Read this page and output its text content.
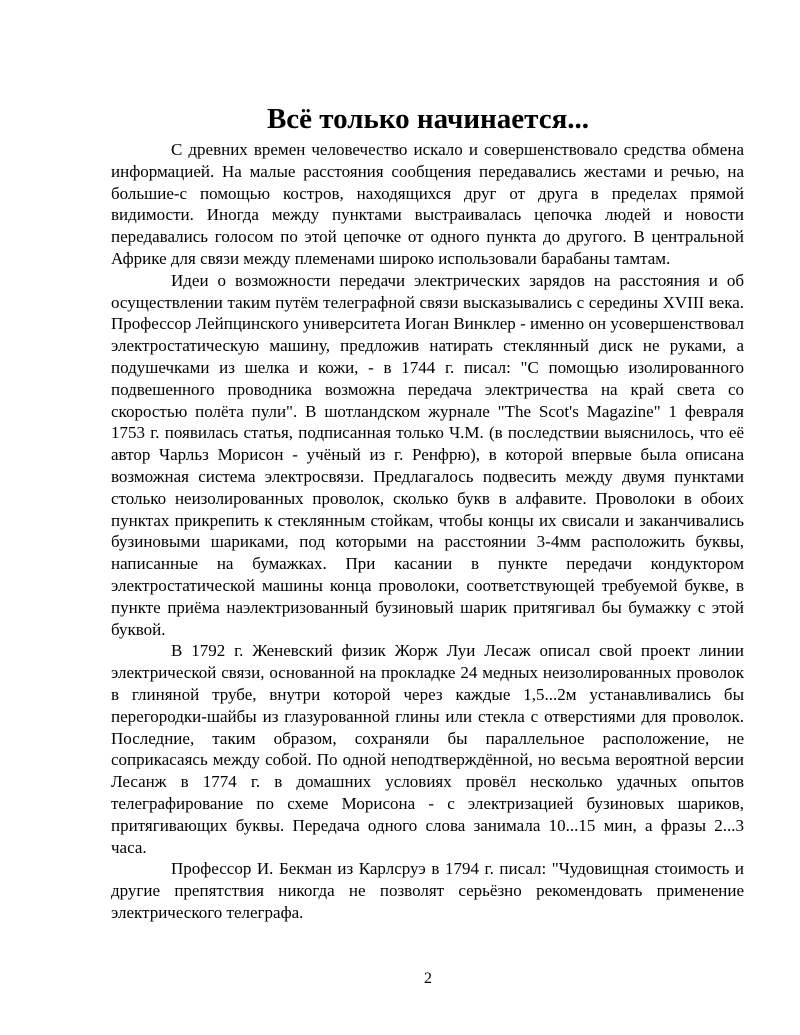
Всё только начинается...

С древних времен человечество искало и совершенствовало средства обмена информацией. На малые расстояния сообщения передавались жестами и речью, на большие-с помощью костров, находящихся друг от друга в пределах прямой видимости. Иногда между пунктами выстраивалась цепочка людей и новости передавались голосом по этой цепочке от одного пункта до другого. В центральной Африке для связи между племенами широко использовали барабаны тамтам.

Идеи о возможности передачи электрических зарядов на расстояния и об осуществлении таким путём телеграфной связи высказывались с середины XVIII века. Профессор Лейпцинского университета Иоган Винклер - именно он усовершенствовал электростатическую машину, предложив натирать стеклянный диск не руками, а подушечками из шелка и кожи, - в 1744 г. писал: "С помощью изолированного подвешенного проводника возможна передача электричества на край света со скоростью полёта пули". В шотландском журнале "The Scot's Magazine" 1 февраля 1753 г. появилась статья, подписанная только Ч.М. (в последствии выяснилось, что её автор Чарльз Морисон - учёный из г. Ренфрю), в которой впервые была описана возможная система электросвязи. Предлагалось подвесить между двумя пунктами столько неизолированных проволок, сколько букв в алфавите. Проволоки в обоих пунктах прикрепить к стеклянным стойкам, чтобы концы их свисали и заканчивались бузиновыми шариками, под которыми на расстоянии 3-4мм расположить буквы, написанные на бумажках. При касании в пункте передачи кондуктором электростатической машины конца проволоки, соответствующей требуемой букве, в пункте приёма наэлектризованный бузиновый шарик притягивал бы бумажку с этой буквой.

В 1792 г. Женевский физик Жорж Луи Лесаж описал свой проект линии электрической связи, основанной на прокладке 24 медных неизолированных проволок в глиняной трубе, внутри которой через каждые 1,5...2м устанавливались бы перегородки-шайбы из глазурованной глины или стекла с отверстиями для проволок. Последние, таким образом, сохраняли бы параллельное расположение, не соприкасаясь между собой. По одной неподтверждённой, но весьма вероятной версии Лесанж в 1774 г. в домашних условиях провёл несколько удачных опытов телеграфирование по схеме Морисона - с электризацией бузиновых шариков, притягивающих буквы. Передача одного слова занимала 10...15 мин, а фразы 2...3 часа.

Профессор И. Бекман из Карлсруэ в 1794 г. писал: "Чудовищная стоимость и другие препятствия никогда не позволят серьёзно рекомендовать применение электрического телеграфа.

2
